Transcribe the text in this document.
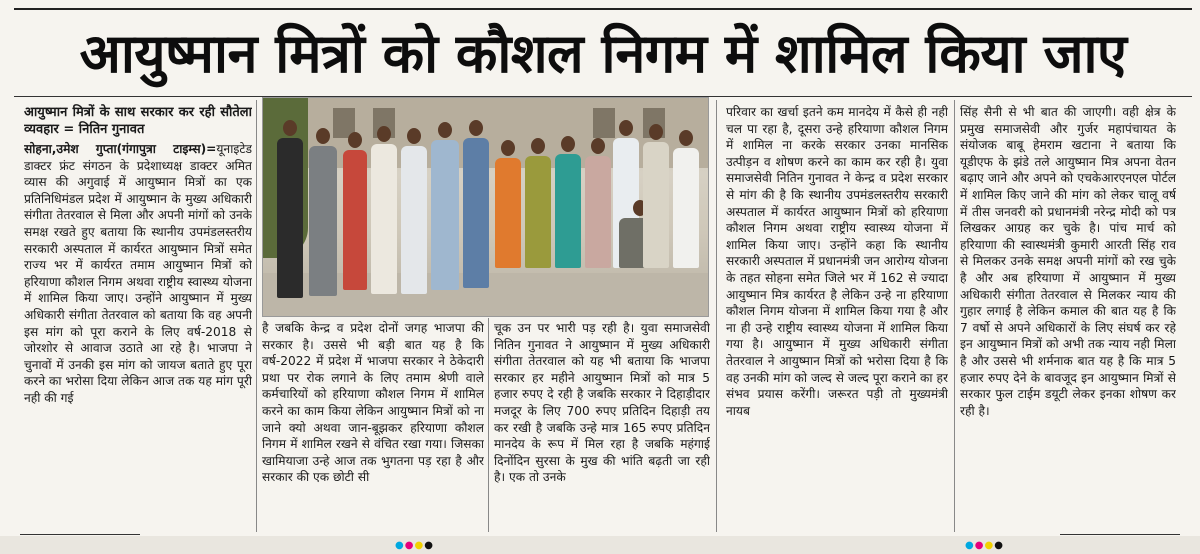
आयुष्मान मित्रों को कौशल निगम में शामिल किया जाए

आयुष्मान मित्रों के साथ सरकार कर रही सौतेला व्यवहार = नितिन गुनावत

सोहना,उमेश गुप्ता(गंगापुत्रा टाइम्स)=यूनाइटेड डाक्टर फ्रंट संगठन के प्रदेशाध्यक्ष डाक्टर अमित व्यास की अगुवाई में आयुष्मान मित्रों का एक प्रतिनिधिमंडल प्रदेश में आयुष्मान के मुख्य अधिकारी संगीता तेतरवाल से मिला और अपनी मांगों को उनके समक्ष रखते हुए बताया कि स्थानीय उपमंडलस्तरीय सरकारी अस्पताल में कार्यरत आयुष्मान मित्रों समेत राज्य भर में कार्यरत तमाम आयुष्मान मित्रों को हरियाणा कौशल निगम अथवा राष्ट्रीय स्वास्थ्य योजना में शामिल किया जाए। उन्होंने आयुष्मान में मुख्य अधिकारी संगीता तेतरवाल को बताया कि वह अपनी इस मांग को पूरा कराने के लिए वर्ष-2018 से जोरशोर से आवाज उठाते आ रहे है। भाजपा ने चुनावों में उनकी इस मांग को जायज बताते हुए पूरा करने का भरोसा दिया लेकिन आज तक यह मांग पूरी नही की गई

है जबकि केन्द्र व प्रदेश दोनों जगह भाजपा की सरकार है। उससे भी बड़ी बात यह है कि वर्ष-2022 में प्रदेश में भाजपा सरकार ने ठेकेदारी प्रथा पर रोक लगाने के लिए तमाम श्रेणी वाले कर्मचारियों को हरियाणा कौशल निगम में शामिल करने का काम किया लेकिन आयुष्मान मित्रों को ना जाने क्यो अथवा जान-बूझकर हरियाणा कौशल निगम में शामिल रखने से वंचित रखा गया। जिसका खामियाजा उन्हे आज तक भुगतना पड़ रहा है और सरकार की एक छोटी सी

चूक उन पर भारी पड़ रही है। युवा समाजसेवी नितिन गुनावत ने आयुष्मान में मुख्य अधिकारी संगीता तेतरवाल को यह भी बताया कि भाजपा सरकार हर महीने आयुष्मान मित्रों को मात्र 5 हजार रुपए दे रही है जबकि सरकार ने दिहाड़ीदार मजदूर के लिए 700 रुपए प्रतिदिन दिहाड़ी तय कर रखी है जबकि उन्हे मात्र 165 रुपए प्रतिदिन मानदेय के रूप में मिल रहा है जबकि महंगाई दिनोंदिन सुरसा के मुख की भांति बढ़ती जा रही है। एक तो उनके

परिवार का खर्चा इतने कम मानदेय में कैसे ही नही चल पा रहा है, दूसरा उन्हे हरियाणा कौशल निगम में शामिल ना करके सरकार उनका मानसिक उत्पीड़न व शोषण करने का काम कर रही है। युवा समाजसेवी नितिन गुनावत ने केन्द्र व प्रदेश सरकार से मांग की है कि स्थानीय उपमंडलस्तरीय सरकारी अस्पताल में कार्यरत आयुष्मान मित्रों को हरियाणा कौशल निगम अथवा राष्ट्रीय स्वास्थ्य योजना में शामिल किया जाए। उन्होंने कहा कि स्थानीय सरकारी अस्पताल में प्रधानमंत्री जन आरोग्य योजना के तहत सोहना समेत जिले भर में 162 से ज्यादा आयुष्मान मित्र कार्यरत है लेकिन उन्हे ना हरियाणा कौशल निगम योजना में शामिल किया गया है और ना ही उन्हे राष्ट्रीय स्वास्थ्य योजना में शामिल किया गया है। आयुष्मान में मुख्य अधिकारी संगीता तेतरवाल ने आयुष्मान मित्रों को भरोसा दिया है कि वह उनकी मांग को जल्द से जल्द पूरा कराने का हर संभव प्रयास करेंगी। जरूरत पड़ी तो मुख्यमंत्री नायब

सिंह सैनी से भी बात की जाएगी। वही क्षेत्र के प्रमुख समाजसेवी और गुर्जर महापंचायत के संयोजक बाबू हेमराम खटाना ने बताया कि यूडीएफ के झंडे तले आयुष्मान मित्र अपना वेतन बढ़ाए जाने और अपने को एचकेआरएनएल पोर्टल में शामिल किए जाने की मांग को लेकर चालू वर्ष में तीस जनवरी को प्रधानमंत्री नरेन्द्र मोदी को पत्र लिखकर आग्रह कर चुके है। पांच मार्च को हरियाणा की स्वास्थमंत्री कुमारी आरती सिंह राव से मिलकर उनके समक्ष अपनी मांगों को रख चुके है और अब हरियाणा में आयुष्मान में मुख्य अधिकारी संगीता तेतरवाल से मिलकर न्याय की गुहार लगाई है लेकिन कमाल की बात यह है कि 7 वर्षो से अपने अधिकारों के लिए संघर्ष कर रहे इन आयुष्मान मित्रों को अभी तक न्याय नही मिला है और उससे भी शर्मनाक बात यह है कि मात्र 5 हजार रुपए देने के बावजूद इन आयुष्मान मित्रों से सरकार फुल टाईम डयूटी लेकर इनका शोषण कर रही है।

●●●●	●●●●
